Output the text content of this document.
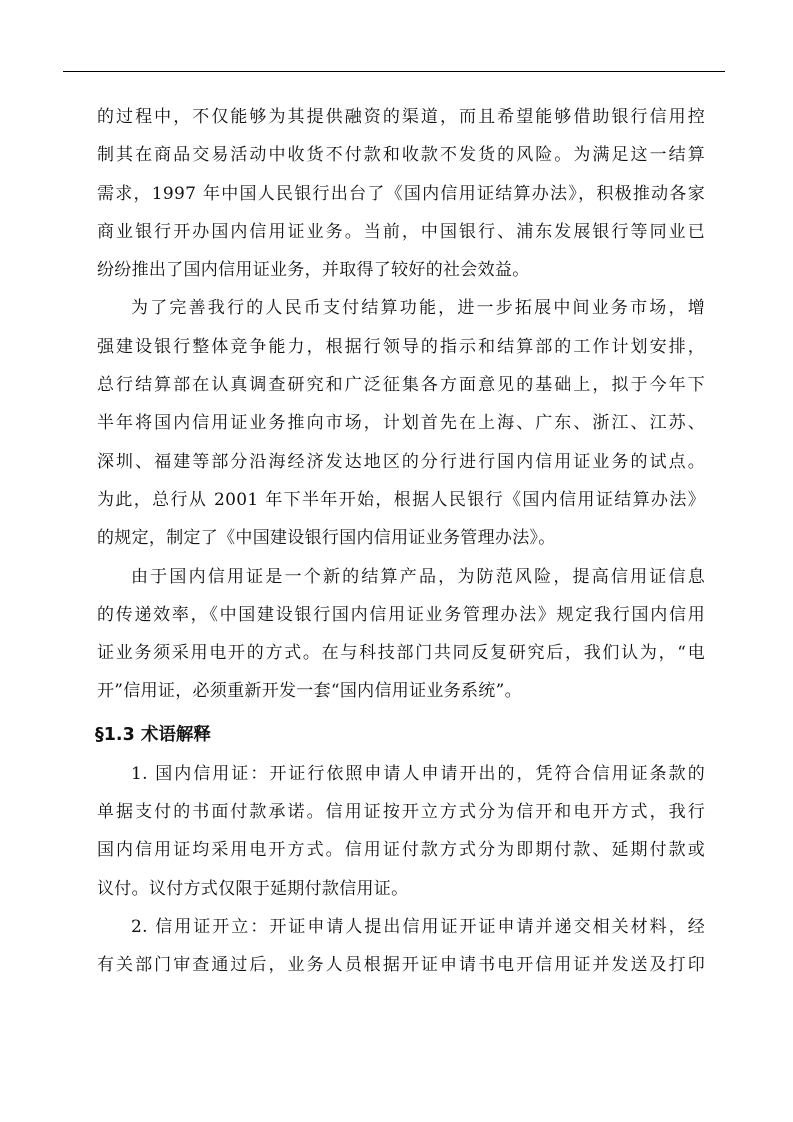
的过程中，不仅能够为其提供融资的渠道，而且希望能够借助银行信用控
制其在商品交易活动中收货不付款和收款不发货的风险。为满足这一结算
需求，1997 年中国人民银行出台了《国内信用证结算办法》，积极推动各家
商业银行开办国内信用证业务。当前，中国银行、浦东发展银行等同业已
纷纷推出了国内信用证业务，并取得了较好的社会效益。
为了完善我行的人民币支付结算功能，进一步拓展中间业务市场，增
强建设银行整体竞争能力，根据行领导的指示和结算部的工作计划安排，
总行结算部在认真调查研究和广泛征集各方面意见的基础上，拟于今年下
半年将国内信用证业务推向市场，计划首先在上海、广东、浙江、江苏、
深圳、福建等部分沿海经济发达地区的分行进行国内信用证业务的试点。
为此，总行从 2001 年下半年开始，根据人民银行《国内信用证结算办法》
的规定，制定了《中国建设银行国内信用证业务管理办法》。
由于国内信用证是一个新的结算产品，为防范风险，提高信用证信息
的传递效率，《中国建设银行国内信用证业务管理办法》规定我行国内信用
证业务须采用电开的方式。在与科技部门共同反复研究后，我们认为，“电
开”信用证，必须重新开发一套“国内信用证业务系统”。
§1.3 术语解释
1. 国内信用证：开证行依照申请人申请开出的，凭符合信用证条款的
单据支付的书面付款承诺。信用证按开立方式分为信开和电开方式，我行
国内信用证均采用电开方式。信用证付款方式分为即期付款、延期付款或
议付。议付方式仅限于延期付款信用证。
2. 信用证开立：开证申请人提出信用证开证申请并递交相关材料，经
有关部门审查通过后，业务人员根据开证申请书电开信用证并发送及打印
